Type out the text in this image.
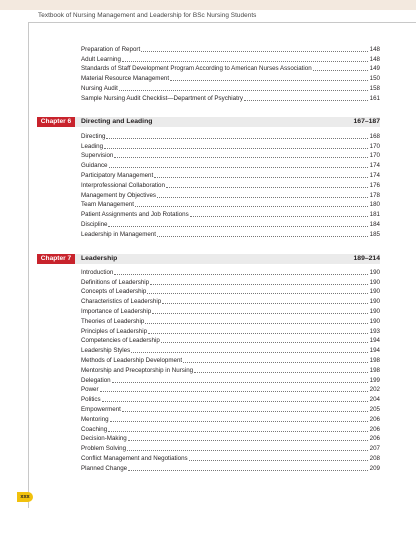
Textbook of Nursing Management and Leadership for BSc Nursing Students
Preparation of Report	148
Adult Learning	148
Standards of Staff Development Program According to American Nurses Association	149
Material Resource Management	150
Nursing Audit	158
Sample Nursing Audit Checklist—Department of Psychiatry	161
Chapter 6	Directing and Leading	167–187
Directing	168
Leading	170
Supervision	170
Guidance	174
Participatory Management	174
Interprofessional Collaboration	176
Management by Objectives	178
Team Management	180
Patient Assignments and Job Rotations	181
Discipline	184
Leadership in Management	185
Chapter 7	Leadership	189–214
Introduction	190
Definitions of Leadership	190
Concepts of Leadership	190
Characteristics of Leadership	190
Importance of Leadership	190
Theories of Leadership	190
Principles of Leadership	193
Competencies of Leadership	194
Leadership Styles	194
Methods of Leadership Development	198
Mentorship and Preceptorship in Nursing	198
Delegation	199
Power	202
Politics	204
Empowerment	205
Mentoring	206
Coaching	206
Decision-Making	206
Problem Solving	207
Conflict Management and Negotiations	208
Planned Change	209
xxx
